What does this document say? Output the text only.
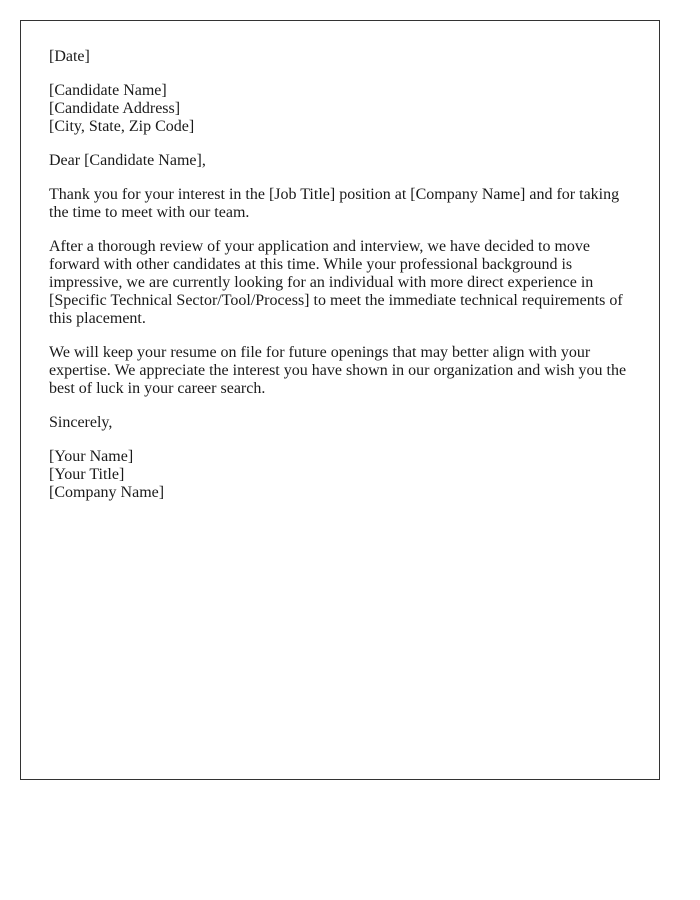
[Date]

[Candidate Name]
[Candidate Address]
[City, State, Zip Code]

Dear [Candidate Name],

Thank you for your interest in the [Job Title] position at [Company Name] and for taking the time to meet with our team.

After a thorough review of your application and interview, we have decided to move forward with other candidates at this time. While your professional background is impressive, we are currently looking for an individual with more direct experience in [Specific Technical Sector/Tool/Process] to meet the immediate technical requirements of this placement.

We will keep your resume on file for future openings that may better align with your expertise. We appreciate the interest you have shown in our organization and wish you the best of luck in your career search.

Sincerely,

[Your Name]
[Your Title]
[Company Name]
